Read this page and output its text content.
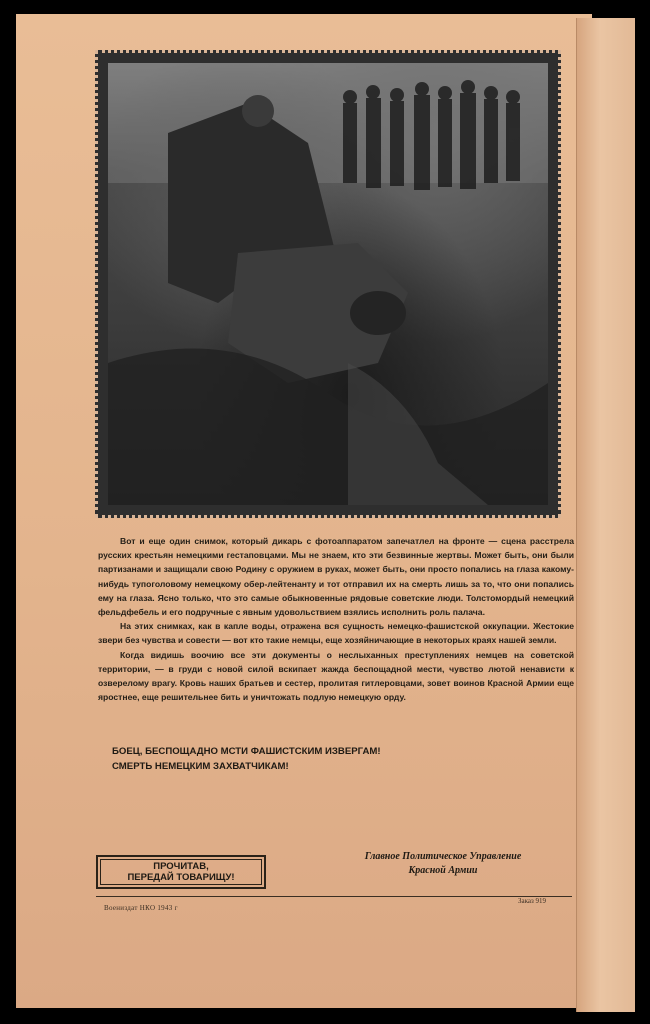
Вот и еще один снимок, который дикарь с фотоаппаратом запечатлел на фронте — сцена расстрела русских крестьян немецкими гестаповцами. Мы не знаем, кто эти безвинные жертвы. Может быть, они были партизанами и защищали свою Родину с оружием в руках, может быть, они просто попались на глаза какому-нибудь тупоголовому немецкому обер-лейтенанту и тот отправил их на смерть лишь за то, что они попались ему на глаза. Ясно только, что это самые обыкновенные рядовые советские люди. Толстомордый немецкий фельдфебель и его подручные с явным удовольствием взялись исполнить роль палача.

На этих снимках, как в капле воды, отражена вся сущность немецко-фашистской оккупации. Жестокие звери без чувства и совести — вот кто такие немцы, еще хозяйничающие в некоторых краях нашей земли.

Когда видишь воочию все эти документы о неслыханных преступлениях немцев на советской территории, — в груди с новой силой вскипает жажда беспощадной мести, чувство лютой ненависти к озверелому врагу. Кровь наших братьев и сестер, пролитая гитлеровцами, зовет воинов Красной Армии еще яростнее, еще решительнее бить и уничтожать подлую немецкую орду.

БОЕЦ, БЕСПОЩАДНО МСТИ ФАШИСТСКИМ ИЗВЕРГАМ!
СМЕРТЬ НЕМЕЦКИМ ЗАХВАТЧИКАМ!
ПРОЧИТАВ,
ПЕРЕДАЙ ТОВАРИЩУ!
Главное Политическое Управление
Красной Армии
Воениздат НКО 1943 г
Заказ 919
